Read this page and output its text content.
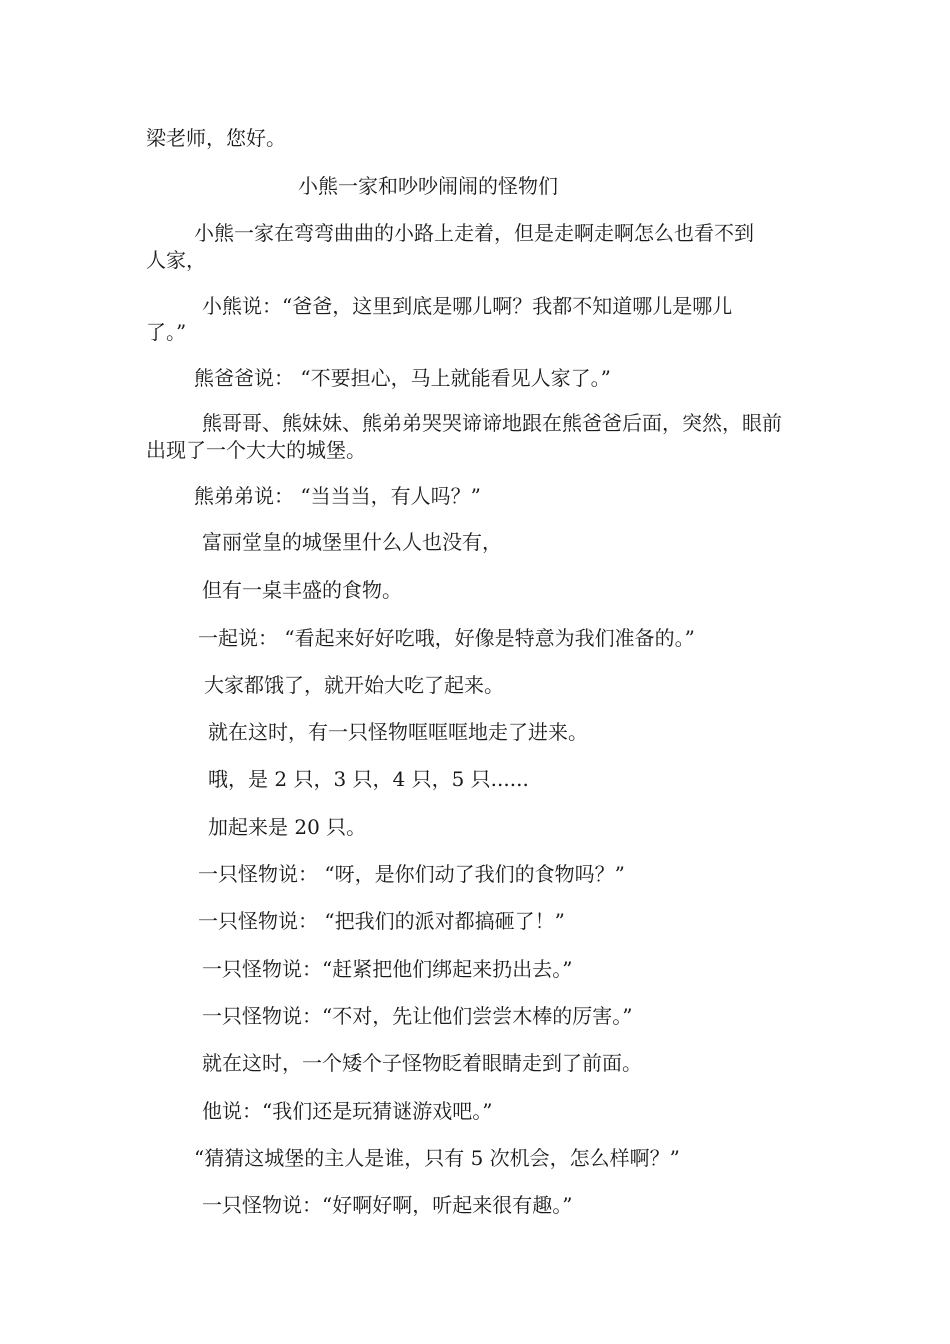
梁老师，您好。

小熊一家和吵吵闹闹的怪物们

小熊一家在弯弯曲曲的小路上走着，但是走啊走啊怎么也看不到

人家，

小熊说：“爸爸，这里到底是哪儿啊？我都不知道哪儿是哪儿

了。”

熊爸爸说： “不要担心，马上就能看见人家了。”

熊哥哥、熊妹妹、熊弟弟哭哭谛谛地跟在熊爸爸后面，突然，眼前

出现了一个大大的城堡。

熊弟弟说： “当当当，有人吗？”

富丽堂皇的城堡里什么人也没有，

但有一桌丰盛的食物。

一起说： “看起来好好吃哦，好像是特意为我们准备的。”

大家都饿了，就开始大吃了起来。

就在这时，有一只怪物哐哐哐地走了进来。

哦，是 2 只，3 只，4 只，5 只......

加起来是 20 只。

一只怪物说： “呀，是你们动了我们的食物吗？”

一只怪物说： “把我们的派对都搞砸了！”

一只怪物说：“赶紧把他们绑起来扔出去。”

一只怪物说：“不对，先让他们尝尝木棒的厉害。”

就在这时，一个矮个子怪物眨着眼睛走到了前面。

他说：“我们还是玩猜谜游戏吧。”

“猜猜这城堡的主人是谁，只有 5 次机会，怎么样啊？”

一只怪物说：“好啊好啊，听起来很有趣。”
